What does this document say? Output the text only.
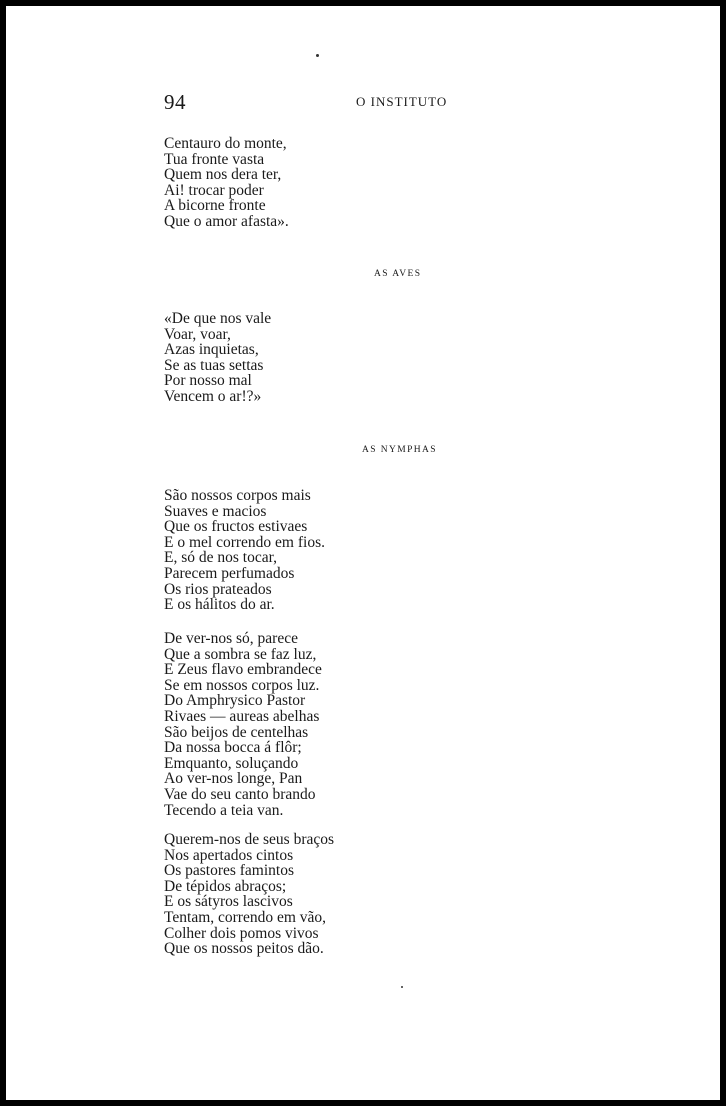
94	O INSTITUTO
Centauro do monte,
Tua fronte vasta
Quem nos dera ter,
Ai! trocar poder
A bicorne fronte
Que o amor afasta».
AS AVES
«De que nos vale
Voar, voar,
Azas inquietas,
Se as tuas settas
Por nosso mal
Vencem o ar!?»
AS NYMPHAS
São nossos corpos mais
Suaves e macios
Que os fructos estivaes
E o mel correndo em fios.
E, só de nos tocar,
Parecem perfumados
Os rios prateados
E os hálitos do ar.
De ver-nos só, parece
Que a sombra se faz luz,
E Zeus flavo embrandece
Se em nossos corpos luz.
Do Amphrysico Pastor
Rivaes — aureas abelhas
São beijos de centelhas
Da nossa bocca á flôr;
Emquanto, soluçando
Ao ver-nos longe, Pan
Vae do seu canto brando
Tecendo a teia van.
Querem-nos de seus braços
Nos apertados cintos
Os pastores famintos
De tépidos abraços;
E os sátyros lascivos
Tentam, correndo em vão,
Colher dois pomos vivos
Que os nossos peitos dão.
